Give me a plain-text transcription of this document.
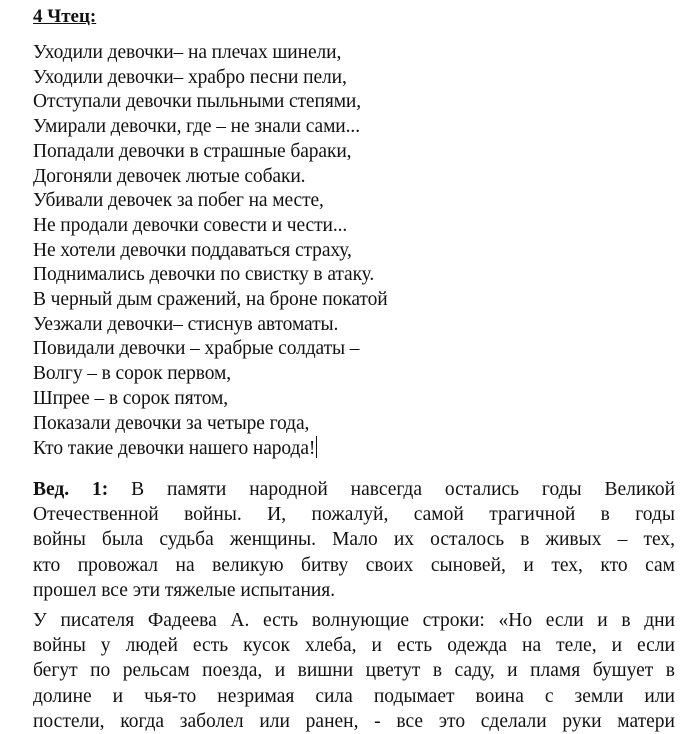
4 Чтец:
Уходили девочки– на плечах шинели,
Уходили девочки– храбро песни пели,
Отступали девочки пыльными степями,
Умирали девочки, где – не знали сами...
Попадали девочки в страшные бараки,
Догоняли девочек лютые собаки.
Убивали девочек за побег на месте,
Не продали девочки совести и чести...
Не хотели девочки поддаваться страху,
Поднимались девочки по свистку в атаку.
В черный дым сражений, на броне покатой
Уезжали девочки– стиснув автоматы.
Повидали девочки – храбрые солдаты –
Волгу – в сорок первом,
Шпрее – в сорок пятом,
Показали девочки за четыре года,
Кто такие девочки нашего народа!
Вед. 1: В памяти народной навсегда остались годы Великой
Отечественной войны. И, пожалуй, самой трагичной в годы
войны была судьба женщины. Мало их осталось в живых – тех,
кто провожал на великую битву своих сыновей, и тех, кто сам
прошел все эти тяжелые испытания.
У писателя Фадеева А. есть волнующие строки: «Но если и в дни
войны у людей есть кусок хлеба, и есть одежда на теле, и если
бегут по рельсам поезда, и вишни цветут в саду, и пламя бушует в
долине и чья-то незримая сила подымает воина с земли или
постели, когда заболел или ранен, - все это сделали руки матери
